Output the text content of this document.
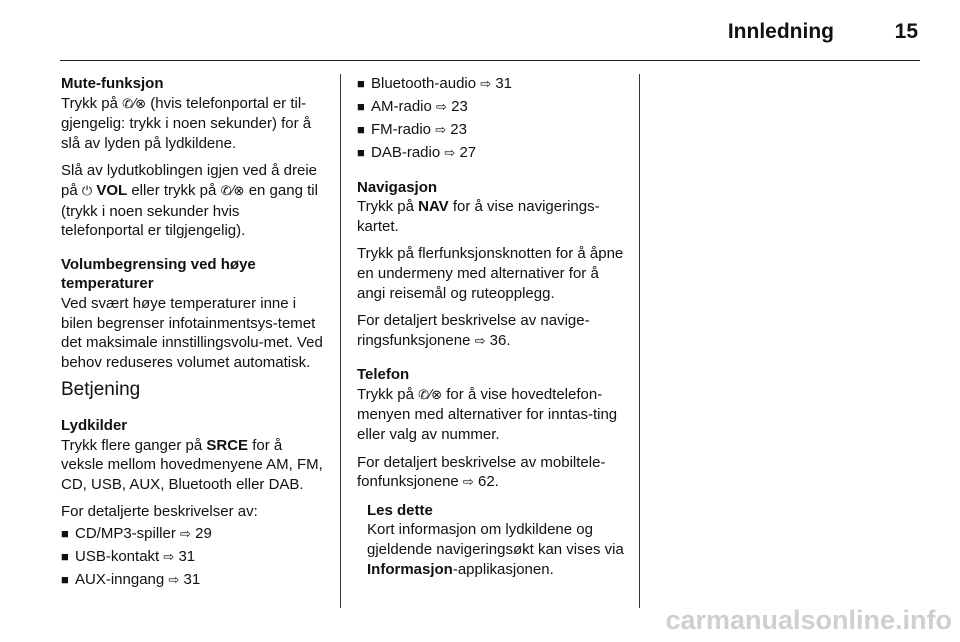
Innledning	15
Mute-funksjon

Trykk på ✆⁄⊗ (hvis telefonportal er til-gjengelig: trykk i noen sekunder) for å slå av lyden på lydkildene.

Slå av lydutkoblingen igjen ved å dreie på ⏻ VOL eller trykk på ✆⁄⊗ en gang til (trykk i noen sekunder hvis telefonportal er tilgjengelig).

Volumbegrensing ved høye temperaturer

Ved svært høye temperaturer inne i bilen begrenser infotainmentsys-temet det maksimale innstillingsvolu-met. Ved behov reduseres volumet automatisk.

Betjening
Lydkilder

Trykk flere ganger på SRCE for å veksle mellom hovedmenyene AM, FM, CD, USB, AUX, Bluetooth eller DAB.

For detaljerte beskrivelser av:

■ CD/MP3-spiller ⇨ 29
■ USB-kontakt ⇨ 31
■ AUX-inngang ⇨ 31
■ Bluetooth-audio ⇨ 31
■ AM-radio ⇨ 23
■ FM-radio ⇨ 23
■ DAB-radio ⇨ 27
Navigasjon

Trykk på NAV for å vise navigerings-kartet.

Trykk på flerfunksjonsknotten for å åpne en undermeny med alternativer for å angi reisemål og ruteopplegg.

For detaljert beskrivelse av navige-ringsfunksjonene ⇨ 36.

Telefon

Trykk på ✆⁄⊗ for å vise hovedtelefon-menyen med alternativer for inntas-ting eller valg av nummer.

For detaljert beskrivelse av mobiltele-fonfunksjonene ⇨ 62.

Les dette

Kort informasjon om lydkildene og gjeldende navigeringsøkt kan vises via Informasjon-applikasjonen.

carmanualsonline.info
